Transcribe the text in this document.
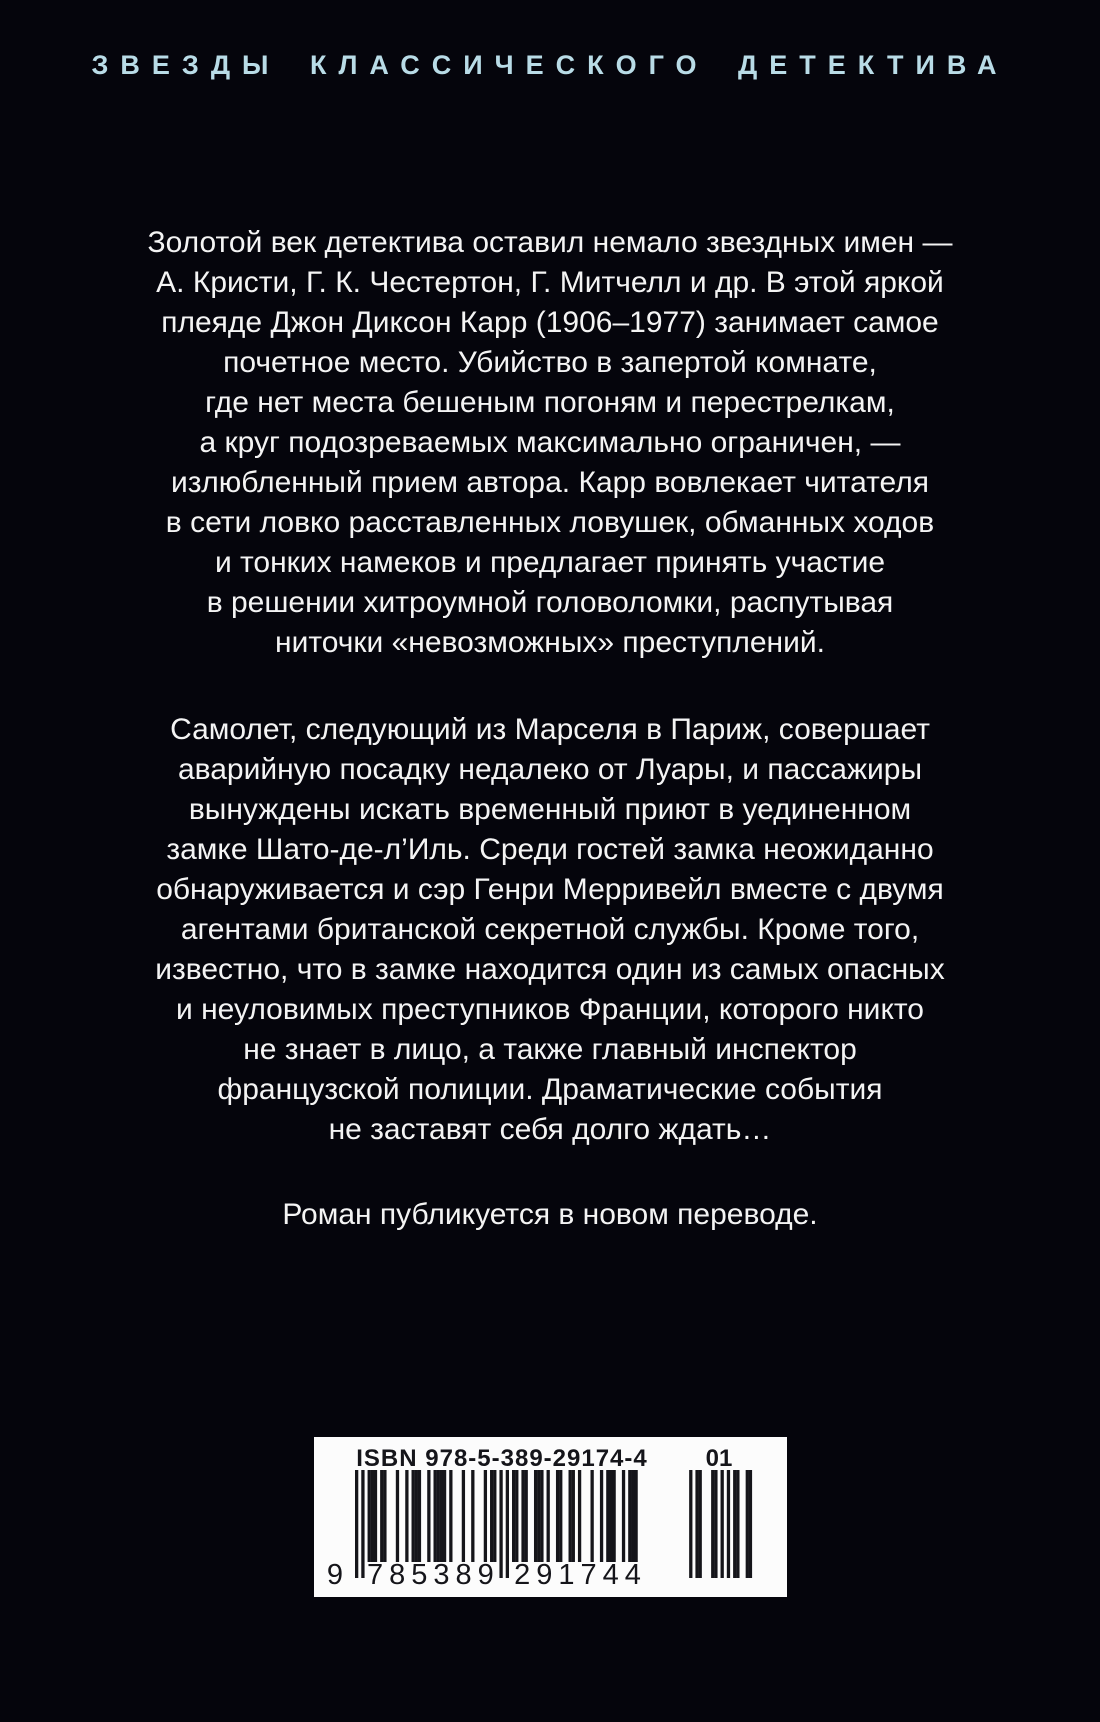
ЗВЕЗДЫ КЛАССИЧЕСКОГО ДЕТЕКТИВА
Золотой век детектива оставил немало звездных имен —
А. Кристи, Г. К. Честертон, Г. Митчелл и др. В этой яркой
плеяде Джон Диксон Карр (1906–1977) занимает самое
почетное место. Убийство в запертой комнате,
где нет места бешеным погоням и перестрелкам,
а круг подозреваемых максимально ограничен, —
излюбленный прием автора. Карр вовлекает читателя
в сети ловко расставленных ловушек, обманных ходов
и тонких намеков и предлагает принять участие
в решении хитроумной головоломки, распутывая
ниточки «невозможных» преступлений.
Самолет, следующий из Марселя в Париж, совершает
аварийную посадку недалеко от Луары, и пассажиры
вынуждены искать временный приют в уединенном
замке Шато-де-л’Иль. Среди гостей замка неожиданно
обнаруживается и сэр Генри Мерривейл вместе с двумя
агентами британской секретной службы. Кроме того,
известно, что в замке находится один из самых опасных
и неуловимых преступников Франции, которого никто
не знает в лицо, а также главный инспектор
французской полиции. Драматические события
не заставят себя долго ждать…
Роман публикуется в новом переводе.
ISBN 978-5-389-29174-4	01
9 785389 291744
